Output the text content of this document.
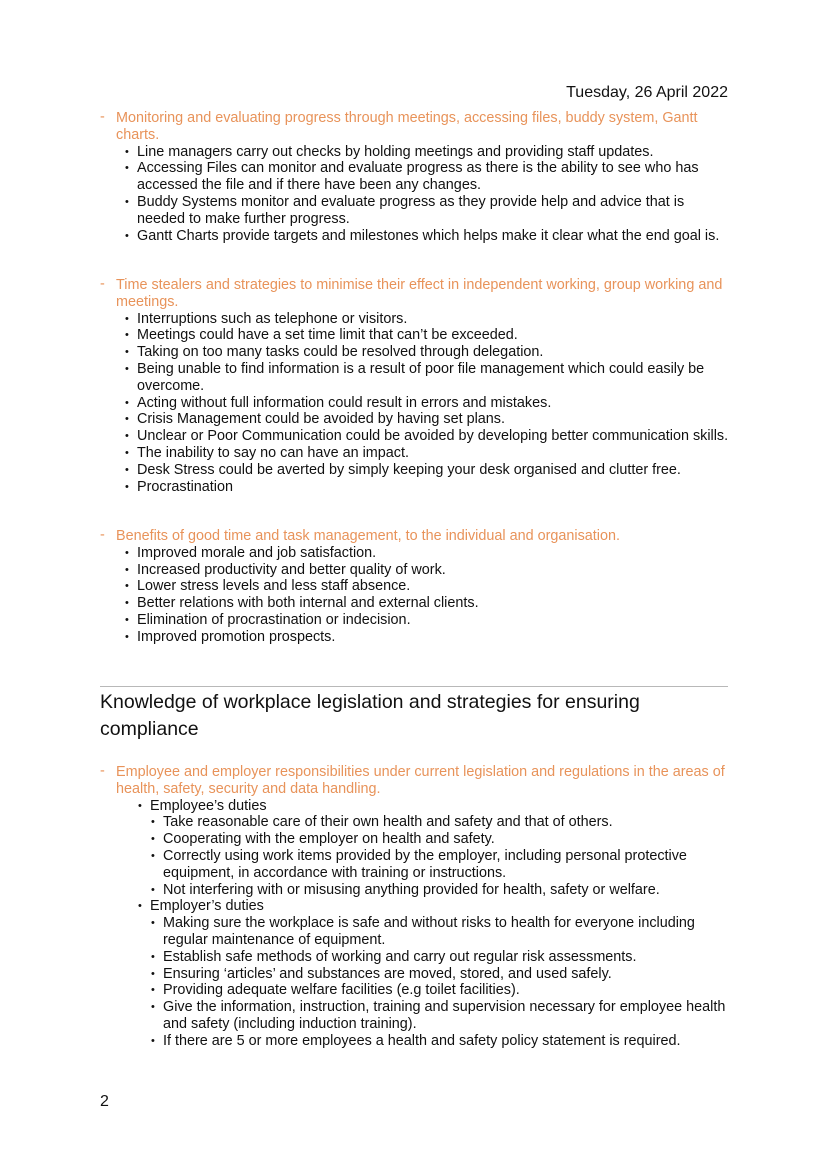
Tuesday, 26 April 2022
- Monitoring and evaluating progress through meetings, accessing files, buddy system, Gantt charts.
• Line managers carry out checks by holding meetings and providing staff updates.
• Accessing Files can monitor and evaluate progress as there is the ability to see who has accessed the file and if there have been any changes.
• Buddy Systems monitor and evaluate progress as they provide help and advice that is needed to make further progress.
• Gantt Charts provide targets and milestones which helps make it clear what the end goal is.
- Time stealers and strategies to minimise their effect in independent working, group working and meetings.
• Interruptions such as telephone or visitors.
• Meetings could have a set time limit that can’t be exceeded.
• Taking on too many tasks could be resolved through delegation.
• Being unable to find information is a result of poor file management which could easily be overcome.
• Acting without full information could result in errors and mistakes.
• Crisis Management could be avoided by having set plans.
• Unclear or Poor Communication could be avoided by developing better communication skills.
• The inability to say no can have an impact.
• Desk Stress could be averted by simply keeping your desk organised and clutter free.
• Procrastination
- Benefits of good time and task management, to the individual and organisation.
• Improved morale and job satisfaction.
• Increased productivity and better quality of work.
• Lower stress levels and less staff absence.
• Better relations with both internal and external clients.
• Elimination of procrastination or indecision.
• Improved promotion prospects.
Knowledge of workplace legislation and strategies for ensuring compliance
- Employee and employer responsibilities under current legislation and regulations in the areas of health, safety, security and data handling.
• Employee’s duties
• Take reasonable care of their own health and safety and that of others.
• Cooperating with the employer on health and safety.
• Correctly using work items provided by the employer, including personal protective equipment, in accordance with training or instructions.
• Not interfering with or misusing anything provided for health, safety or welfare.
• Employer’s duties
• Making sure the workplace is safe and without risks to health for everyone including regular maintenance of equipment.
• Establish safe methods of working and carry out regular risk assessments.
• Ensuring ‘articles’ and substances are moved, stored, and used safely.
• Providing adequate welfare facilities (e.g toilet facilities).
• Give the information, instruction, training and supervision necessary for employee health and safety (including induction training).
• If there are 5 or more employees a health and safety policy statement is required.
2
